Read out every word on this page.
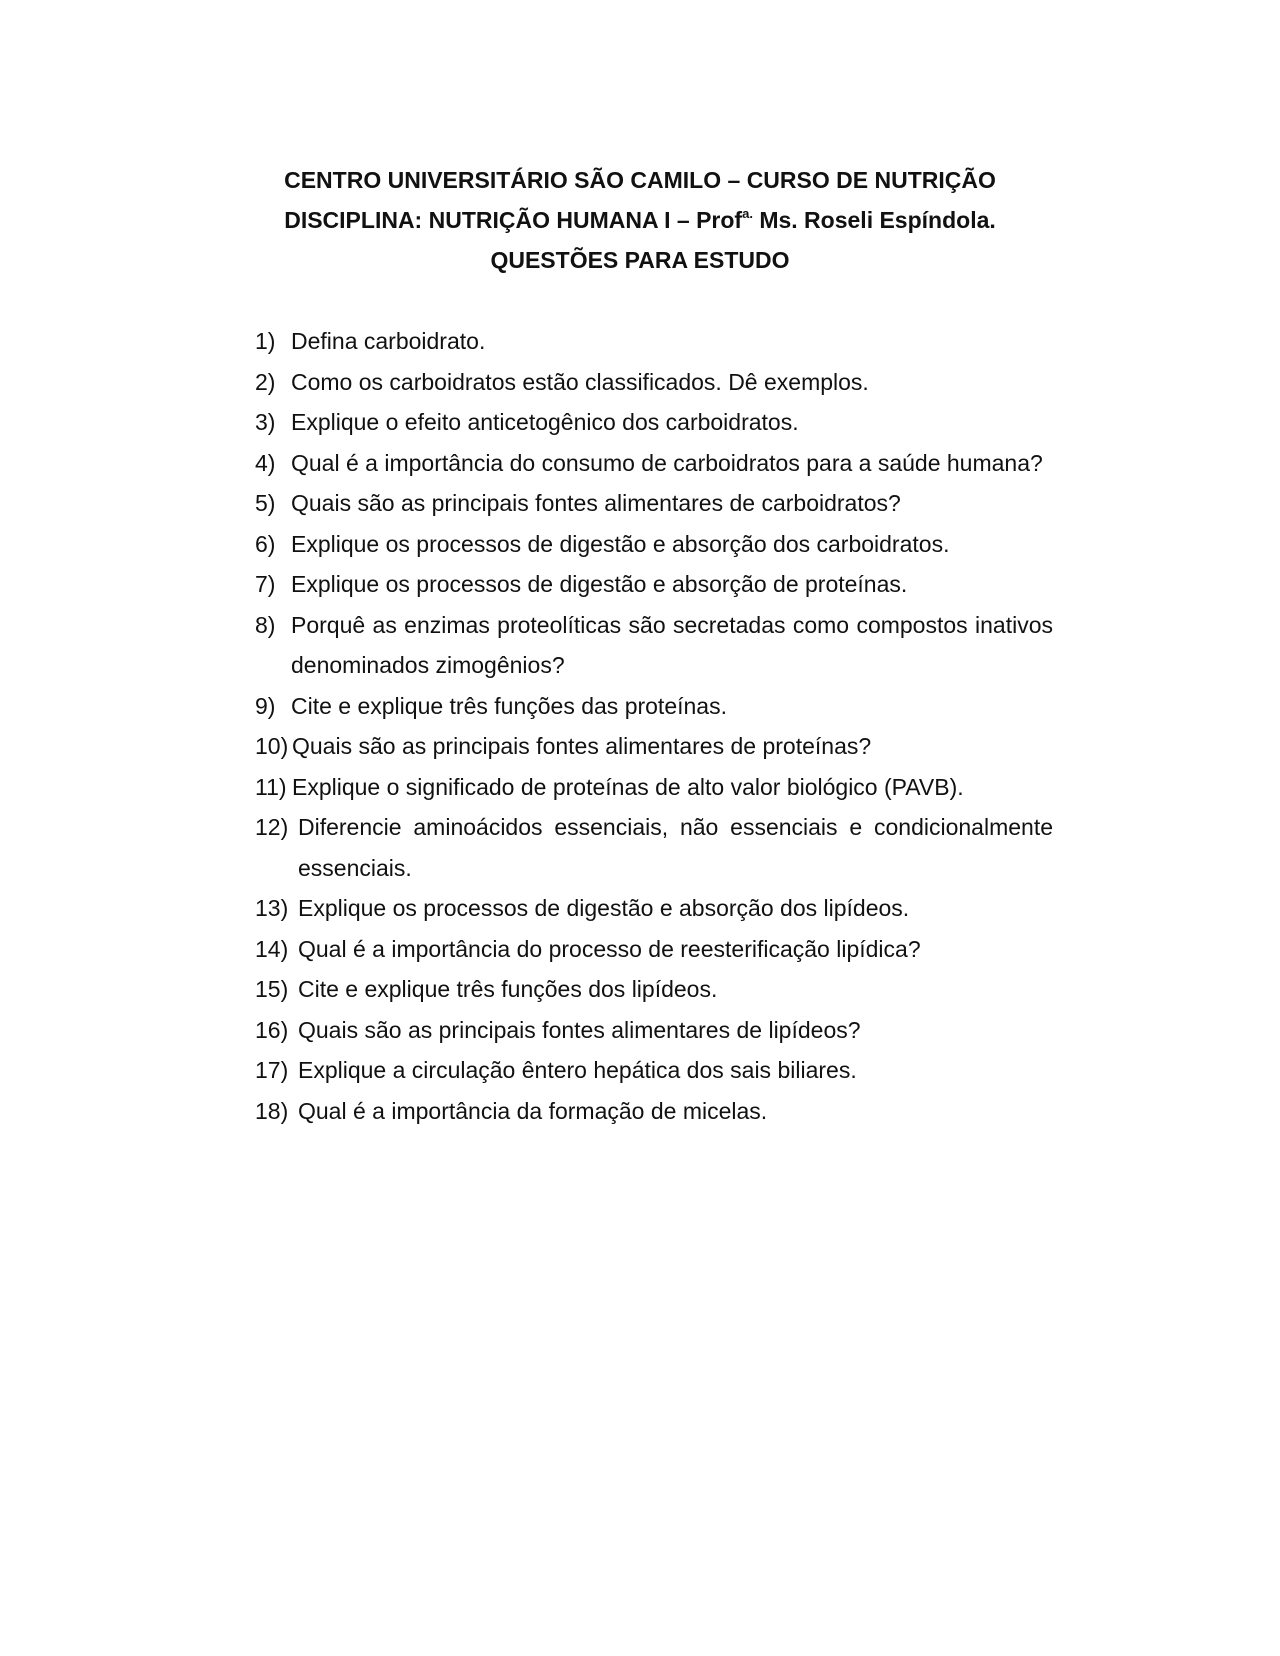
CENTRO UNIVERSITÁRIO SÃO CAMILO – CURSO DE NUTRIÇÃO
DISCIPLINA: NUTRIÇÃO HUMANA I – Prof$^{a.}$ Ms. Roseli Espíndola.
QUESTÕES PARA ESTUDO
1) Defina carboidrato.
2) Como os carboidratos estão classificados. Dê exemplos.
3) Explique o efeito anticetogênico dos carboidratos.
4) Qual é a importância do consumo de carboidratos para a saúde humana?
5) Quais são as principais fontes alimentares de carboidratos?
6) Explique os processos de digestão e absorção dos carboidratos.
7) Explique os processos de digestão e absorção de proteínas.
8) Porquê as enzimas proteolíticas são secretadas como compostos inativos denominados zimogênios?
9) Cite e explique três funções das proteínas.
10) Quais são as principais fontes alimentares de proteínas?
11) Explique o significado de proteínas de alto valor biológico (PAVB).
12) Diferencie aminoácidos essenciais, não essenciais e condicionalmente essenciais.
13) Explique os processos de digestão e absorção dos lipídeos.
14) Qual é a importância do processo de reesterificação lipídica?
15) Cite e explique três funções dos lipídeos.
16) Quais são as principais fontes alimentares de lipídeos?
17) Explique a circulação êntero hepática dos sais biliares.
18) Qual é a importância da formação de micelas.
